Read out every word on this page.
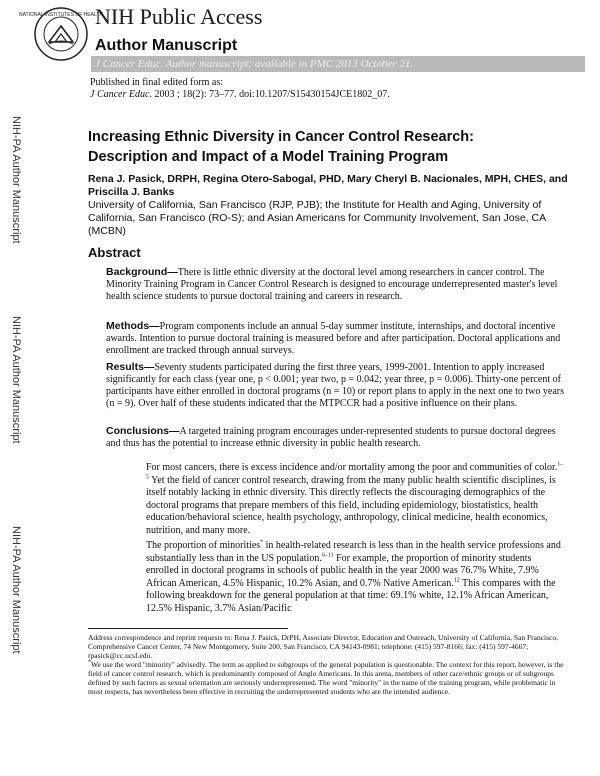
NATIONAL INSTITUTES OF HEALTH
NIH Public Access
Author Manuscript
J Cancer Educ. Author manuscript; available in PMC 2013 October 21.
Published in final edited form as:
J Cancer Educ. 2003 ; 18(2): 73–77. doi:10.1207/S15430154JCE1802_07.
NIH-PA Author Manuscript
NIH-PA Author Manuscript
NIH-PA Author Manuscript
Increasing Ethnic Diversity in Cancer Control Research:
Description and Impact of a Model Training Program
Rena J. Pasick, DRPH, Regina Otero-Sabogal, PHD, Mary Cheryl B. Nacionales, MPH, CHES, and Priscilla J. Banks
University of California, San Francisco (RJP, PJB); the Institute for Health and Aging, University of California, San Francisco (RO-S); and Asian Americans for Community Involvement, San Jose, CA (MCBN)
Abstract
Background—There is little ethnic diversity at the doctoral level among researchers in cancer control. The Minority Training Program in Cancer Control Research is designed to encourage underrepresented master's level health science students to pursue doctoral training and careers in research.
Methods—Program components include an annual 5-day summer institute, internships, and doctoral incentive awards. Intention to pursue doctoral training is measured before and after participation. Doctoral applications and enrollment are tracked through annual surveys.
Results—Seventy students participated during the first three years, 1999-2001. Intention to apply increased significantly for each class (year one, p < 0.001; year two, p = 0.042; year three, p = 0.006). Thirty-one percent of participants have either enrolled in doctoral programs (n = 10) or report plans to apply in the next one to two years (n = 9). Over half of these students indicated that the MTPCCR had a positive influence on their plans.
Conclusions—A targeted training program encourages under-represented students to pursue doctoral degrees and thus has the potential to increase ethnic diversity in public health research.
For most cancers, there is excess incidence and/or mortality among the poor and communities of color.$^{1-5}$ Yet the field of cancer control research, drawing from the many public health scientific disciplines, is itself notably lacking in ethnic diversity. This directly reflects the discouraging demographics of the doctoral programs that prepare members of this field, including epidemiology, biostatistics, health education/behavioral science, health psychology, anthropology, clinical medicine, health economics, nutrition, and many more.
The proportion of minorities* in health-related research is less than in the health service professions and substantially less than in the US population.$^{6-11}$ For example, the proportion of minority students enrolled in doctoral programs in schools of public health in the year 2000 was 76.7% White, 7.9% African American, 4.5% Hispanic, 10.2% Asian, and 0.7% Native American.$^{12}$ This compares with the following breakdown for the general population at that time: 69.1% white, 12.1% African American, 12.5% Hispanic, 3.7% Asian/Pacific
Address correspondence and reprint requests to: Rena J. Pasick, DrPH, Associate Director, Education and Outreach, University of California, San Francisco, Comprehensive Cancer Center, 74 New Montgomery, Suite 200, San Francisco, CA 94143-0981; telephone: (415) 597-8166; fax: (415) 597-4667; rpasick@cc.ucsf.edu.
*We use the word "minority" advisedly. The term as applied to subgroups of the general population is questionable. The context for this report, however, is the field of cancer control research, which is predominantly composed of Anglo Americans. In this arena, members of other race/ethnic groups or of subgroups defined by such factors as sexual orientation are seriously underrepresented. The word "minority" in the name of the training program, while problematic in most respects, has nevertheless been effective in recruiting the underrepresented students who are the intended audience.
